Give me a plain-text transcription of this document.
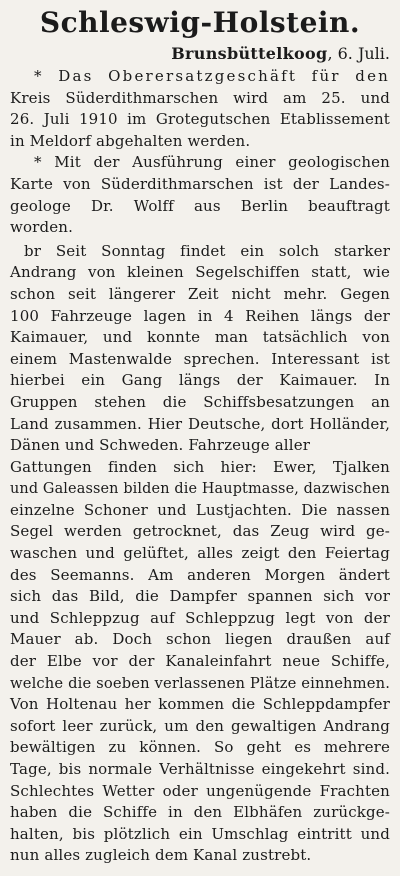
Schleswig-Holstein.
Brunsbüttelkoog, 6. Juli.
* Das Oberersatzgeschäft für den
Kreis Süderdithmarschen wird am 25. und
26. Juli 1910 im Grotegutschen Etablissement
in Meldorf abgehalten werden.
* Mit der Ausführung einer geologischen
Karte von Süderdithmarschen ist der Landes-
geologe Dr. Wolff aus Berlin beauftragt
worden.
br Seit Sonntag findet ein solch starker
Andrang von kleinen Segelschiffen statt, wie
schon seit längerer Zeit nicht mehr. Gegen
100 Fahrzeuge lagen in 4 Reihen längs der
Kaimauer, und konnte man tatsächlich von
einem Mastenwalde sprechen. Interessant ist
hierbei ein Gang längs der Kaimauer. In
Gruppen stehen die Schiffsbesatzungen an
Land zusammen. Hier Deutsche, dort Holländer,
Dänen und Schweden. Fahrzeuge aller
Gattungen finden sich hier: Ewer, Tjalken
und Galeassen bilden die Hauptmasse, dazwischen
einzelne Schoner und Lustjachten. Die nassen
Segel werden getrocknet, das Zeug wird ge-
waschen und gelüftet, alles zeigt den Feiertag
des Seemanns. Am anderen Morgen ändert
sich das Bild, die Dampfer spannen sich vor
und Schleppzug auf Schleppzug legt von der
Mauer ab. Doch schon liegen draußen auf
der Elbe vor der Kanaleinfahrt neue Schiffe,
welche die soeben verlassenen Plätze einnehmen.
Von Holtenau her kommen die Schleppdampfer
sofort leer zurück, um den gewaltigen Andrang
bewältigen zu können. So geht es mehrere
Tage, bis normale Verhältnisse eingekehrt sind.
Schlechtes Wetter oder ungenügende Frachten
haben die Schiffe in den Elbhäfen zurückge-
halten, bis plötzlich ein Umschlag eintritt und
nun alles zugleich dem Kanal zustrebt.
